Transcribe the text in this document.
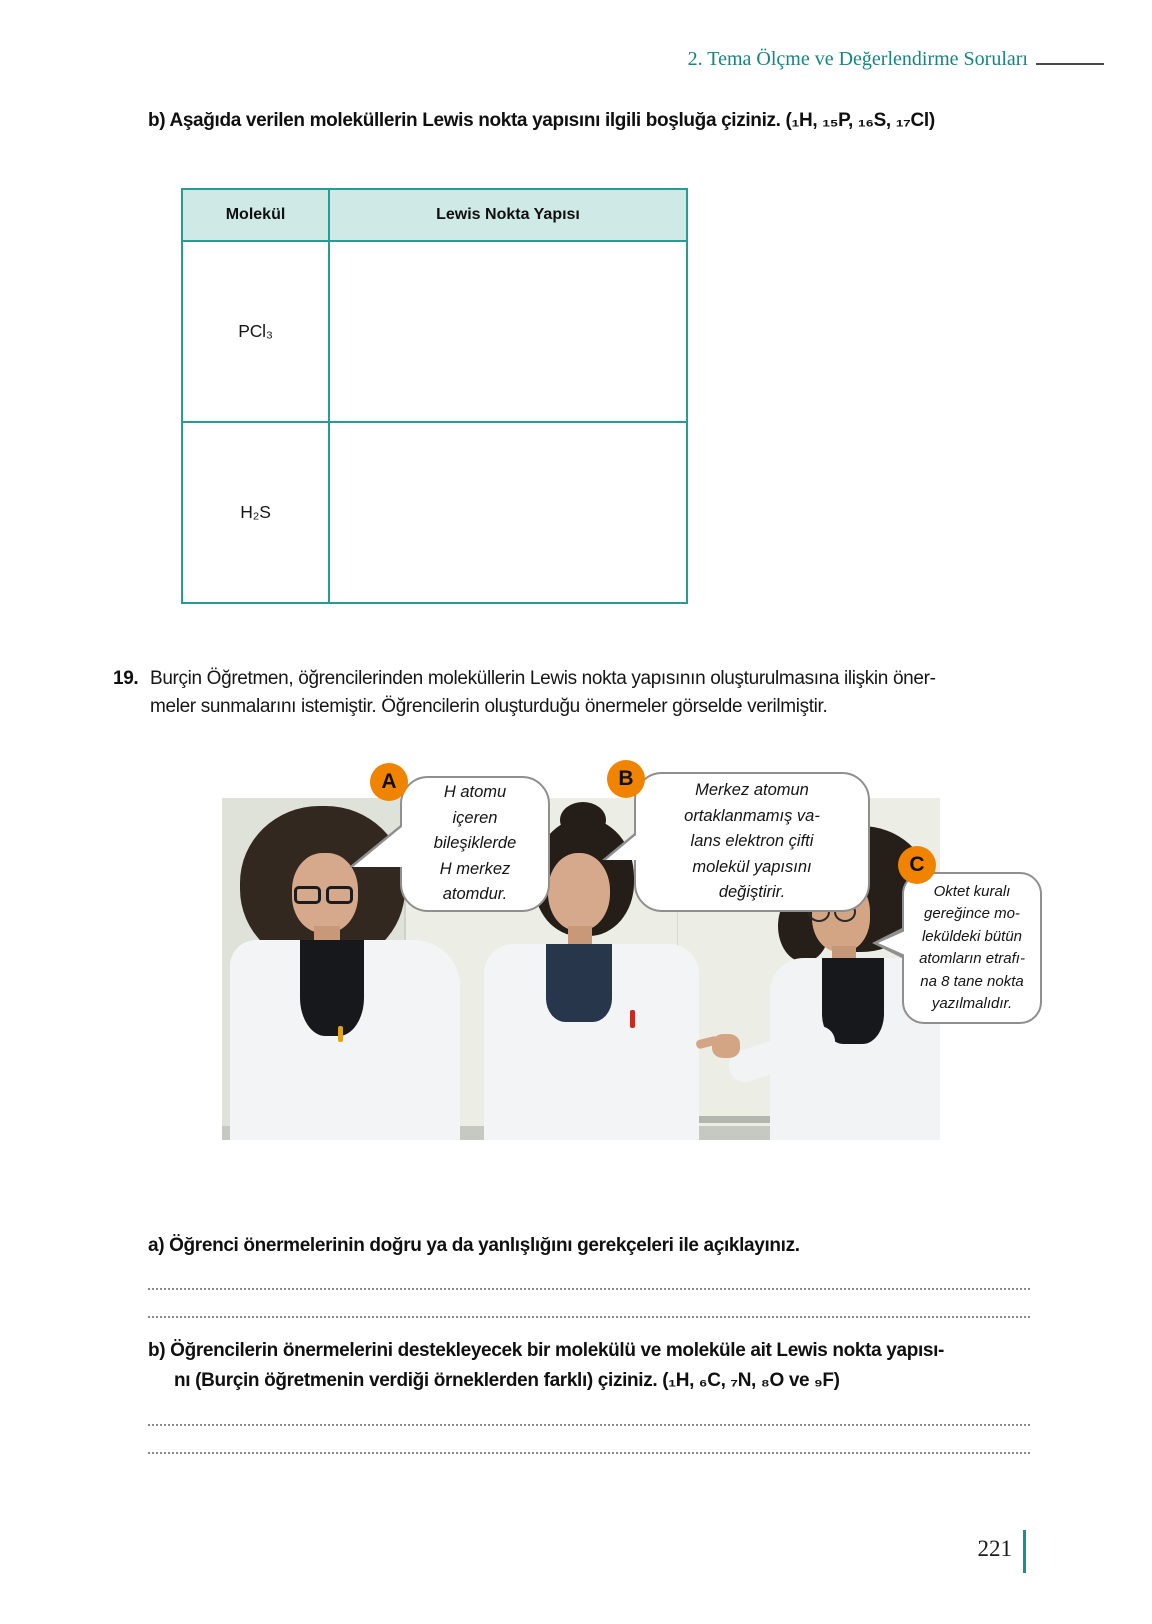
2. Tema Ölçme ve Değerlendirme Soruları
b) Aşağıda verilen moleküllerin Lewis nokta yapısını ilgili boşluğa çiziniz. (₁H, ₁₅P, ₁₆S, ₁₇Cl)
Molekül	Lewis Nokta Yapısı
PCl₃	
H₂S	
19. Burçin Öğretmen, öğrencilerinden moleküllerin Lewis nokta yapısının oluşturulmasına ilişkin öner-
meler sunmalarını istemiştir. Öğrencilerin oluşturduğu önermeler görselde verilmiştir.
H atomu
içeren
bileşiklerde
H merkez
atomdur.
A	Merkez atomun
ortaklanmamış va-
lans elektron çifti
molekül yapısını
değiştirir.
B
Oktet kuralı
gereğince mo-
leküldeki bütün
atomların etrafı-
na 8 tane nokta
yazılmalıdır.
C
a) Öğrenci önermelerinin doğru ya da yanlışlığını gerekçeleri ile açıklayınız.
b) Öğrencilerin önermelerini destekleyecek bir molekülü ve moleküle ait Lewis nokta yapısı-
nı (Burçin öğretmenin verdiği örneklerden farklı) çiziniz. (₁H, ₆C, ₇N, ₈O ve ₉F)
221
